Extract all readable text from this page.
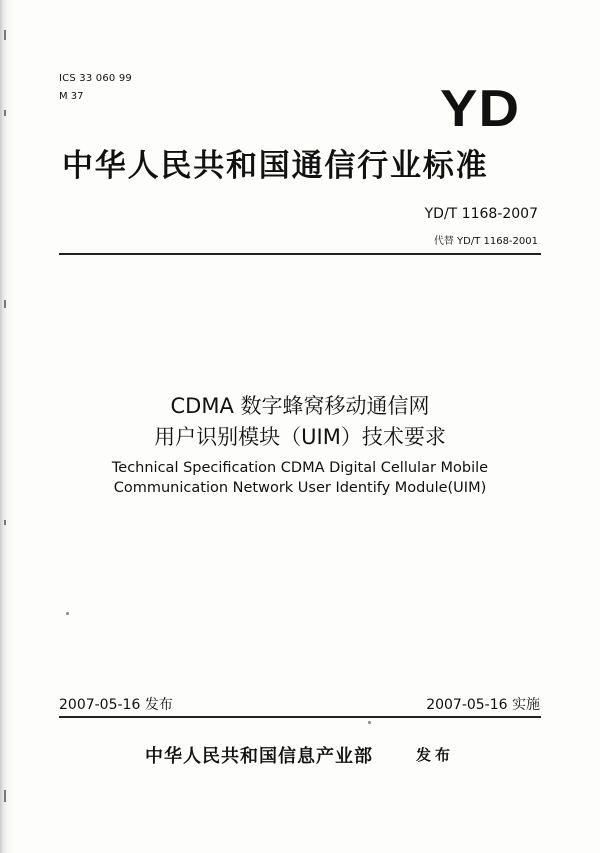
ICS 33 060 99
M 37	YD
中华人民共和国通信行业标准
YD/T 1168-2007
代替 YD/T 1168-2001
CDMA 数字蜂窝移动通信网
用户识别模块（UIM）技术要求
Technical Specification CDMA Digital Cellular Mobile
Communication Network User Identify Module(UIM)
2007-05-16 发布	2007-05-16 实施
中华人民共和国信息产业部	发布
